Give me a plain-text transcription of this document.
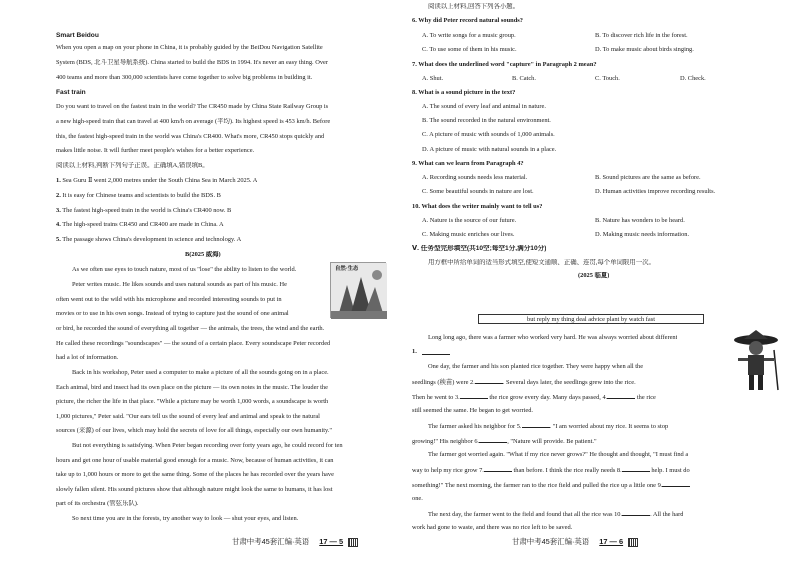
Smart Beidou
When you open a map on your phone in China, it is probably guided by the BeiDou Navigation Satellite
System (BDS, 北斗卫星导航系统). China started to build the BDS in 1994. It's never an easy thing. Over
400 teams and more than 300,000 scientists have come together to solve big problems in building it.
Fast train
Do you want to travel on the fastest train in the world? The CR450 made by China State Railway Group is
a new high-speed train that can travel at 400 km/h on average (平均). Its highest speed is 453 km/h. Before
this, the fastest high-speed train in the world was China's CR400. What's more, CR450 stops quickly and
makes little noise. It will further meet people's wishes for a better experience.
阅读以上材料,判断下列句子正误。正确填A,错误填B。
1. Sea Guru Ⅱ went 2,000 metres under the South China Sea in March 2025. A
2. It is easy for Chinese teams and scientists to build the BDS. B
3. The fastest high-speed train in the world is China's CR400 now. B
4. The high-speed trains CR450 and CR400 are made in China. A
5. The passage shows China's development in science and technology. A
B(2025 威海)
自然·生态
As we often use eyes to touch nature, most of us "lose" the ability to listen to the world.
Peter writes music. He likes sounds and uses natural sounds as part of his music. He
often went out to the wild with his microphone and recorded interesting sounds to put in
movies or to use in his own songs. Instead of trying to capture just the sound of one animal
or bird, he recorded the sound of everything all together — the animals, the trees, the wind and the earth.
He called these recordings "soundscapes" — the sound of a certain place. Every soundscape Peter recorded
had a lot of information.
Back in his workshop, Peter used a computer to make a picture of all the sounds going on in a place.
Each animal, bird and insect had its own place on the picture — its own notes in the music. The louder the
picture, the richer the life in that place. "While a picture may be worth 1,000 words, a soundscape is worth
1,000 pictures," Peter said. "Our ears tell us the sound of every leaf and animal and speak to the natural
sources (来源) of our lives, which may hold the secrets of love for all things, especially our own humanity."
But not everything is satisfying. When Peter began recording over forty years ago, he could record for ten
hours and get one hour of usable material good enough for a music. Now, because of human activities, it can
take up to 1,000 hours or more to get the same thing. Some of the places he has recorded over the years have
slowly fallen silent. His sound pictures show that although nature might look the same to humans, it has lost
part of its orchestra (管弦乐队).
So next time you are in the forests, try another way to look — shut your eyes, and listen.
甘肃中考45套汇编·英语 17 — 5
阅读以上材料,回答下列各小题。
6. Why did Peter record natural sounds?
A. To write songs for a music group.	B. To discover rich life in the forest.
C. To use some of them in his music.	D. To make music about birds singing.
7. What does the underlined word "capture" in Paragraph 2 mean?
A. Shut.	B. Catch.	C. Touch.	D. Check.
8. What is a sound picture in the text?
A. The sound of every leaf and animal in nature.
B. The sound recorded in the natural environment.
C. A picture of music with sounds of 1,000 animals.
D. A picture of music with natural sounds in a place.
9. What can we learn from Paragraph 4?
A. Recording sounds needs less material.	B. Sound pictures are the same as before.
C. Some beautiful sounds in nature are lost.	D. Human activities improve recording results.
10. What does the writer mainly want to tell us?
A. Nature is the source of our future.	B. Nature has wonders to be heard.
C. Making music enriches our lives.	D. Making music needs information.
Ⅴ. 任务型完形填空(共10空;每空1分,满分10分)
用方框中所给单词的适当形式填空,使短文通顺、正确、连贯,每个单词限用一次。
(2025 临夏)
but reply my thing deal advice plant by watch fast
Long long ago, there was a farmer who worked very hard. He was always worried about different
1.
One day, the farmer and his son planted rice together. They were happy when all the
seedlings (秧苗) were 2.	. Several days later, the seedlings grew into the rice.
Then he went to 3.	the rice grow every day. Many days passed, 4.	the rice
still seemed the same. He began to get worried.
The farmer asked his neighbor for 5.	. "I am worried about my rice. It seems to stop
growing!" His neighbor 6.	, "Nature will provide. Be patient."
The farmer got worried again. "What if my rice never grows?" He thought and thought, "I must find a
way to help my rice grow 7.	than before. I think the rice really needs 8.	help. I must do
something!" The next morning, the farmer ran to the rice field and pulled the rice up a little one 9.
one.
The next day, the farmer went to the field and found that all the rice was 10.	. All the hard
work had gone to waste, and there was no rice left to be saved.
甘肃中考45套汇编·英语 17 — 6
